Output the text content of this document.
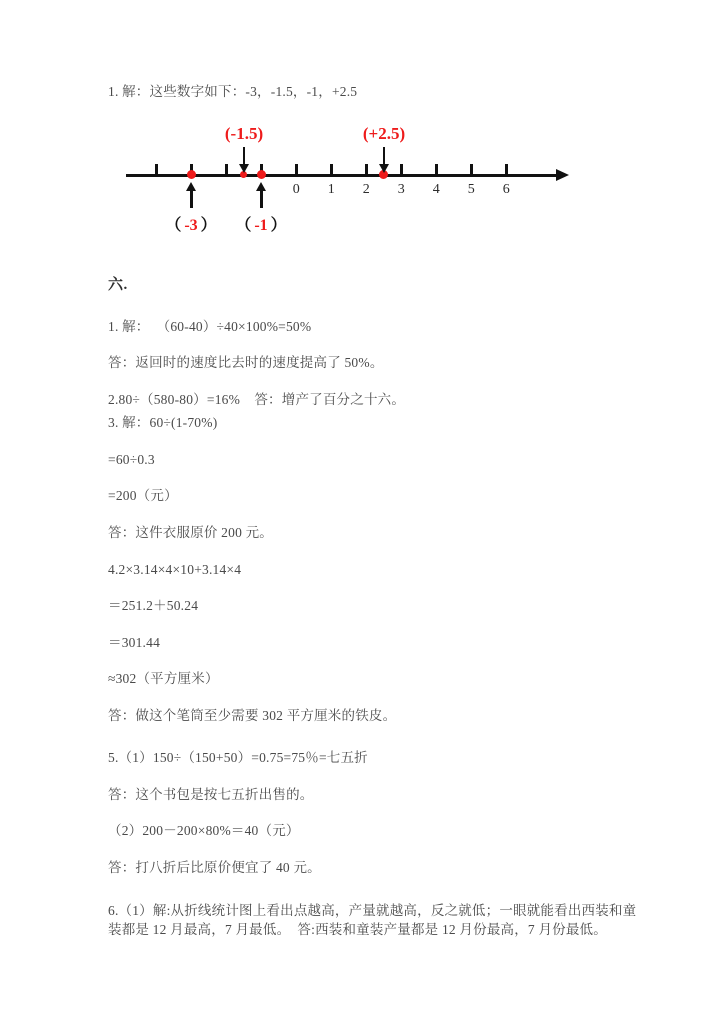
1. 解：这些数字如下：-3，-1.5，-1，+2.5
0 1 2 3 4 5 6
(-1.5)	(+2.5)
（ -3 ） （ -1 ）
六.
1. 解：  （60-40）÷40×100%=50%
答：返回时的速度比去时的速度提高了 50%。
2.80÷（580-80）=16%    答：增产了百分之十六。
3. 解：60÷(1-70%)
=60÷0.3
=200（元）
答：这件衣服原价 200 元。
4.2×3.14×4×10+3.14×4
＝251.2＋50.24
＝301.44
≈302（平方厘米）
答：做这个笔筒至少需要 302 平方厘米的铁皮。
5.（1）150÷（150+50）=0.75=75％=七五折
答：这个书包是按七五折出售的。
（2）200－200×80%＝40（元）
答：打八折后比原价便宜了 40 元。
6.（1）解:从折线统计图上看出点越高，产量就越高，反之就低；一眼就能看出西装和童装都是 12 月最高，7 月最低。  答:西装和童装产量都是 12 月份最高，7 月份最低。
